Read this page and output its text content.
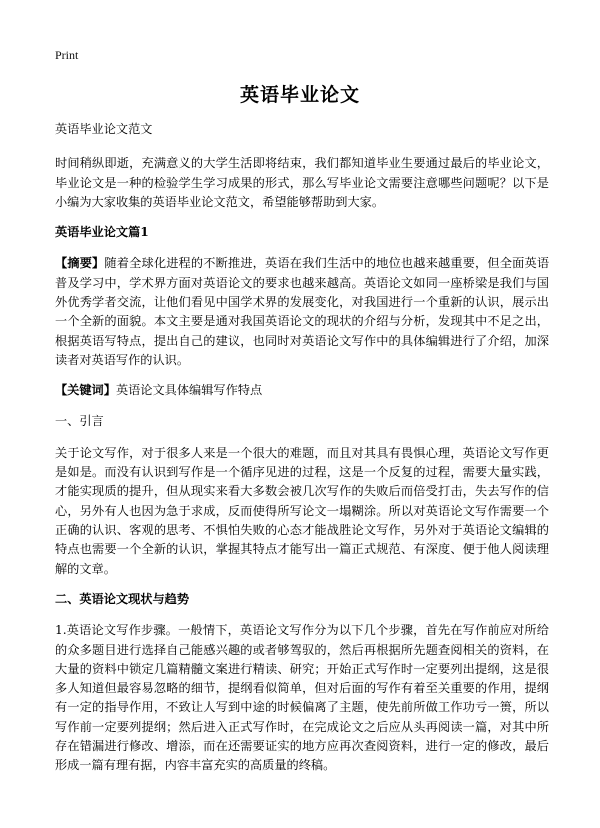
Print
英语毕业论文

英语毕业论文范文

时间稍纵即逝，充满意义的大学生活即将结束，我们都知道毕业生要通过最后的毕业论文，毕业论文是一种的检验学生学习成果的形式，那么写毕业论文需要注意哪些问题呢？以下是小编为大家收集的英语毕业论文范文，希望能够帮助到大家。

英语毕业论文篇1

【摘要】随着全球化进程的不断推进，英语在我们生活中的地位也越来越重要，但全面英语普及学习中，学术界方面对英语论文的要求也越来越高。英语论文如同一座桥梁是我们与国外优秀学者交流，让他们看见中国学术界的发展变化，对我国进行一个重新的认识，展示出一个全新的面貌。本文主要是通对我国英语论文的现状的介绍与分析，发现其中不足之出，根据英语写特点，提出自己的建议，也同时对英语论文写作中的具体编辑进行了介绍，加深读者对英语写作的认识。

【关键词】英语论文具体编辑写作特点

一、引言

关于论文写作，对于很多人来是一个很大的难题，而且对其具有畏惧心理，英语论文写作更是如是。而没有认识到写作是一个循序见进的过程，这是一个反复的过程，需要大量实践，才能实现质的提升，但从现实来看大多数会被几次写作的失败后而倍受打击，失去写作的信心，另外有人也因为急于求成，反而使得所写论文一塌糊涂。所以对英语论文写作需要一个正确的认识、客观的思考、不惧怕失败的心态才能战胜论文写作，另外对于英语论文编辑的特点也需要一个全新的认识，掌握其特点才能写出一篇正式规范、有深度、便于他人阅读理解的文章。

二、英语论文现状与趋势

1.英语论文写作步骤。一般情下，英语论文写作分为以下几个步骤，首先在写作前应对所给的众多题目进行选择自己能感兴趣的或者够驾驭的，然后再根据所先题查阅相关的资料，在大量的资料中锁定几篇精髓文案进行精读、研究；开始正式写作时一定要列出提纲，这是很多人知道但最容易忽略的细节，提纲看似简单，但对后面的写作有着至关重要的作用，提纲有一定的指导作用，不致让人写到中途的时候偏离了主题，使先前所做工作功亏一篑，所以写作前一定要列提纲；然后进入正式写作时，在完成论文之后应从头再阅读一篇，对其中所存在错漏进行修改、增添，而在还需要证实的地方应再次查阅资料，进行一定的修改，最后形成一篇有理有据，内容丰富充实的高质量的终稿。
